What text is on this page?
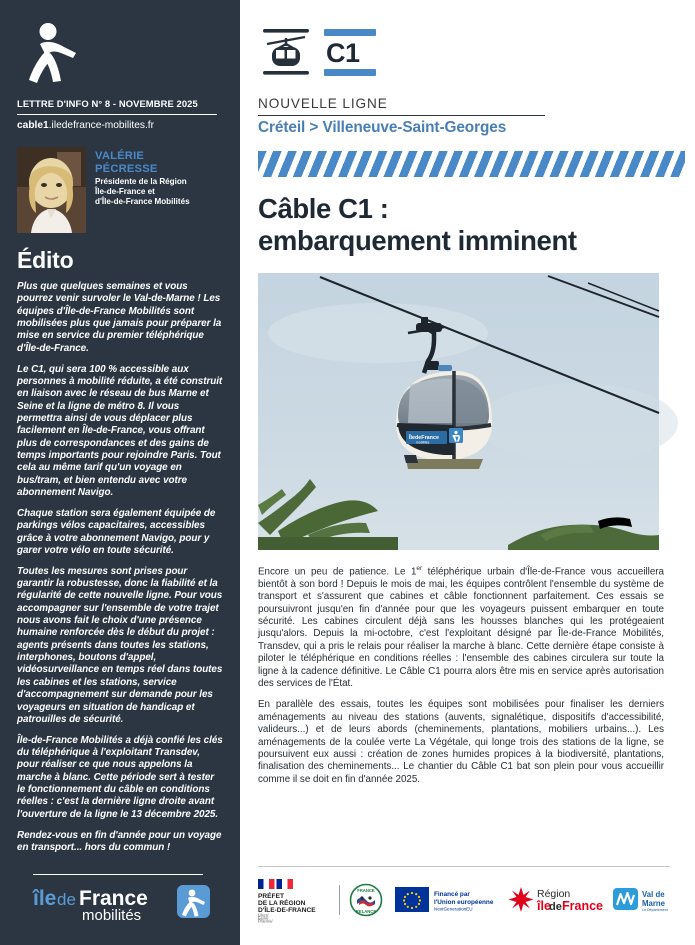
LETTRE D'INFO N° 8 - NOVEMBRE 2025
cable1.iledefrance-mobilites.fr
VALÉRIE
PÉCRESSE
Présidente de la Région
Île-de-France et
d'Île-de-France Mobilités
Édito

Plus que quelques semaines et vous pourrez venir survoler le Val-de-Marne ! Les équipes d'Île-de-France Mobilités sont mobilisées plus que jamais pour préparer la mise en service du premier téléphérique d'Île-de-France.

Le C1, qui sera 100 % accessible aux personnes à mobilité réduite, a été construit en liaison avec le réseau de bus Marne et Seine et la ligne de métro 8. Il vous permettra ainsi de vous déplacer plus facilement en Île-de-France, vous offrant plus de correspondances et des gains de temps importants pour rejoindre Paris. Tout cela au même tarif qu'un voyage en bus/tram, et bien entendu avec votre abonnement Navigo.

Chaque station sera également équipée de parkings vélos capacitaires, accessibles grâce à votre abonnement Navigo, pour y garer votre vélo en toute sécurité.

Toutes les mesures sont prises pour garantir la robustesse, donc la fiabilité et la régularité de cette nouvelle ligne. Pour vous accompagner sur l'ensemble de votre trajet nous avons fait le choix d'une présence humaine renforcée dès le début du projet : agents présents dans toutes les stations, interphones, boutons d'appel, vidéosurveillance en temps réel dans toutes les cabines et les stations, service d'accompagnement sur demande pour les voyageurs en situation de handicap et patrouilles de sécurité.

Île-de-France Mobilités a déjà confié les clés du téléphérique à l'exploitant Transdev, pour réaliser ce que nous appelons la marche à blanc. Cette période sert à tester le fonctionnement du câble en conditions réelles : c'est la dernière ligne droite avant l'ouverture de la ligne le 13 décembre 2025.

Rendez-vous en fin d'année pour un voyage en transport... hors du commun !

île de France
mobilités
C1
NOUVELLE LIGNE
Créteil > Villeneuve-Saint-Georges
Câble C1 :
embarquement imminent
ÎledeFrance
mobilités

Encore un peu de patience. Le 1er téléphérique urbain d'Île-de-France vous accueillera bientôt à son bord ! Depuis le mois de mai, les équipes contrôlent l'ensemble du système de transport et s'assurent que cabines et câble fonctionnent parfaitement. Ces essais se poursuivront jusqu'en fin d'année pour que les voyageurs puissent embarquer en toute sécurité. Les cabines circulent déjà sans les housses blanches qui les protégeaient jusqu'alors. Depuis la mi-octobre, c'est l'exploitant désigné par Île-de-France Mobilités, Transdev, qui a pris le relais pour réaliser la marche à blanc. Cette dernière étape consiste à piloter le téléphérique en conditions réelles : l'ensemble des cabines circulera sur toute la ligne à la cadence définitive. Le Câble C1 pourra alors être mis en service après autorisation des services de l'État.

En parallèle des essais, toutes les équipes sont mobilisées pour finaliser les derniers aménagements au niveau des stations (auvents, signalétique, dispositifs d'accessibilité, valideurs...) et de leurs abords (cheminements, plantations, mobiliers urbains...). Les aménagements de la coulée verte La Végétale, qui longe trois des stations de la ligne, se poursuivent eux aussi : création de zones humides propices à la biodiversité, plantations, finalisation des cheminements... Le chantier du Câble C1 bat son plein pour vous accueillir comme il se doit en fin d'année 2025.

PRÉFET
DE LA RÉGION
D'ÎLE-DE-FRANCE
Liberté
Égalité
Fraternité
FRANCE
RELANCE
Financé par
l'Union européenne
NextGenerationEU
Région
île
de France
Val de
Marne
Le Département
